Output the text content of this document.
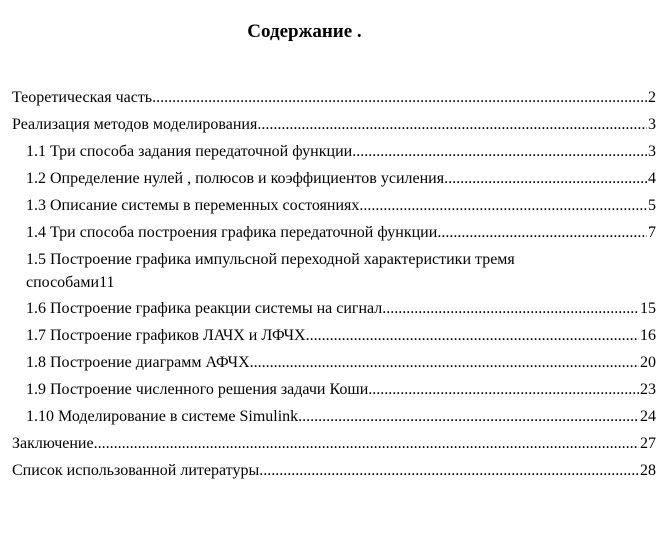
Содержание .
Теоретическая часть .....	2
Реализация методов моделирования .....	3
1.1 Три способа задания передаточной функции .....	3
1.2 Определение нулей , полюсов и коэффициентов усиления .....	4
1.3 Описание системы в переменных состояниях .....	5
1.4 Три способа построения графика передаточной функции .....	7
1.5 Построение графика импульсной переходной характеристики тремя
способами 11
1.6 Построение графика реакции системы на сигнал .....	15
1.7 Построение графиков ЛАЧХ и ЛФЧХ .....	16
1.8 Построение диаграмм АФЧХ .....	20
1.9 Построение численного решения задачи Коши. .....	23
1.10 Моделирование в системе Simulink. .....	24
Заключение .....	27
Список использованной литературы .....	28
